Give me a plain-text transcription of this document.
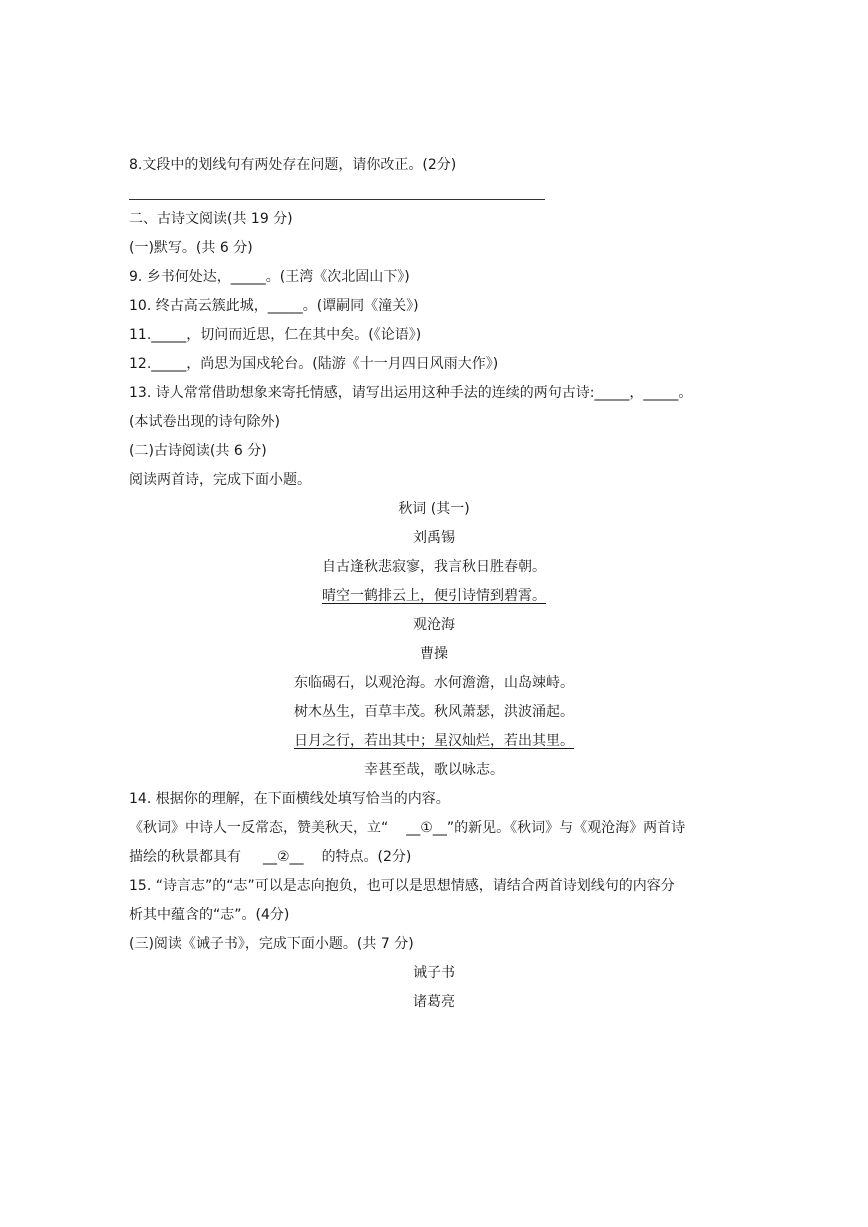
8.文段中的划线句有两处存在问题，请你改正。(2分)
二、古诗文阅读(共 19 分)
(一)默写。(共 6 分)
9. 乡书何处达，_____。(王湾《次北固山下》)
10. 终古高云簇此城，_____。(谭嗣同《潼关》)
11._____，切问而近思，仁在其中矣。(《论语》)
12._____，尚思为国戍轮台。(陆游《十一月四日风雨大作》)
13. 诗人常常借助想象来寄托情感，请写出运用这种手法的连续的两句古诗:_____，_____。
(本试卷出现的诗句除外)
(二)古诗阅读(共 6 分)
阅读两首诗，完成下面小题。
秋词 (其一)
刘禹锡
自古逢秋悲寂寥，我言秋日胜春朝。
晴空一鹤排云上，便引诗情到碧霄。
观沧海
曹操
东临碣石，以观沧海。水何澹澹，山岛竦峙。
树木丛生，百草丰茂。秋风萧瑟，洪波涌起。
日月之行，若出其中；星汉灿烂，若出其里。
幸甚至哉，歌以咏志。
14. 根据你的理解，在下面横线处填写恰当的内容。
《秋词》中诗人一反常态，赞美秋天，立“ __①__”的新见。《秋词》与《观沧海》两首诗
描绘的秋景都具有 __②__ 的特点。(2分)
15. “诗言志”的“志”可以是志向抱负，也可以是思想情感，请结合两首诗划线句的内容分
析其中蕴含的“志”。(4分)
(三)阅读《诫子书》，完成下面小题。(共 7 分)
诫子书
诸葛亮
